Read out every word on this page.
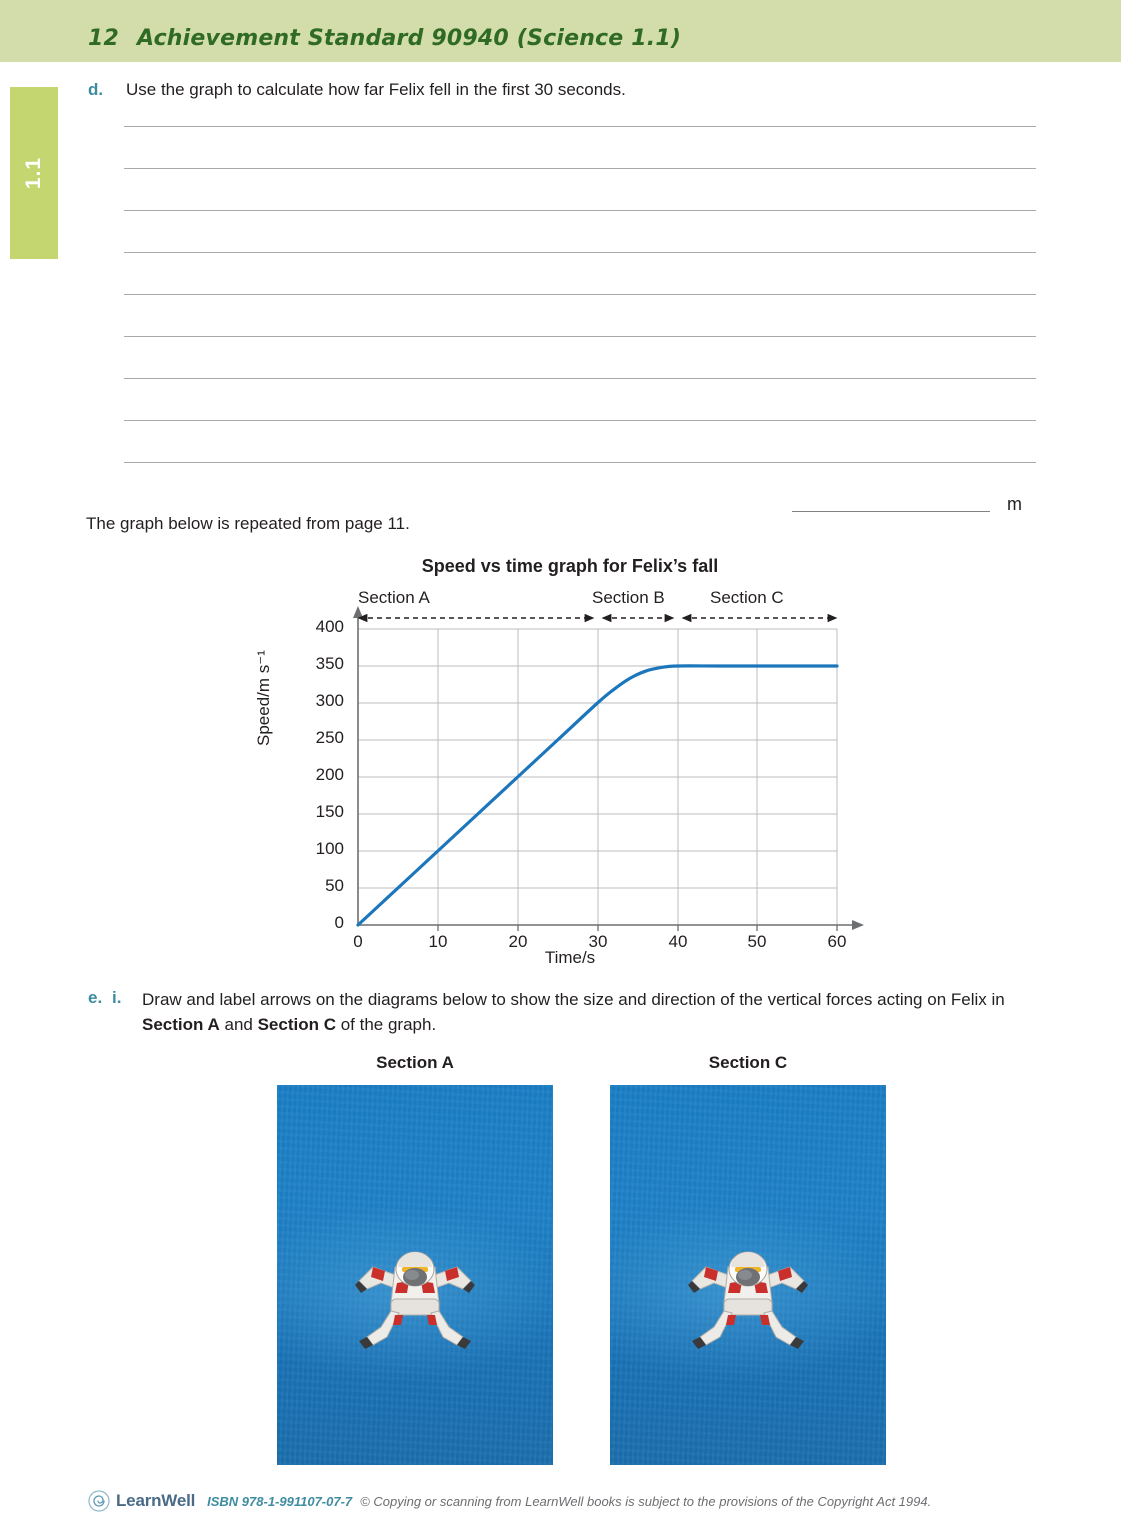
12 Achievement Standard 90940 (Science 1.1)
1.1
d. Use the graph to calculate how far Felix fell in the first 30 seconds.
m
The graph below is repeated from page 11.
Speed vs time graph for Felix’s fall
Section A	Section B	Section C
400
350
300
250
200
150
100
50
0
0	10	20	30	40	50	60
Speed/m s⁻¹
Time/s
e. i. Draw and label arrows on the diagrams below to show the size and direction of the vertical forces acting on Felix in Section A and Section C of the graph.
Section A	Section C
LearnWell ISBN 978-1-991107-07-7 © Copying or scanning from LearnWell books is subject to the provisions of the Copyright Act 1994.
